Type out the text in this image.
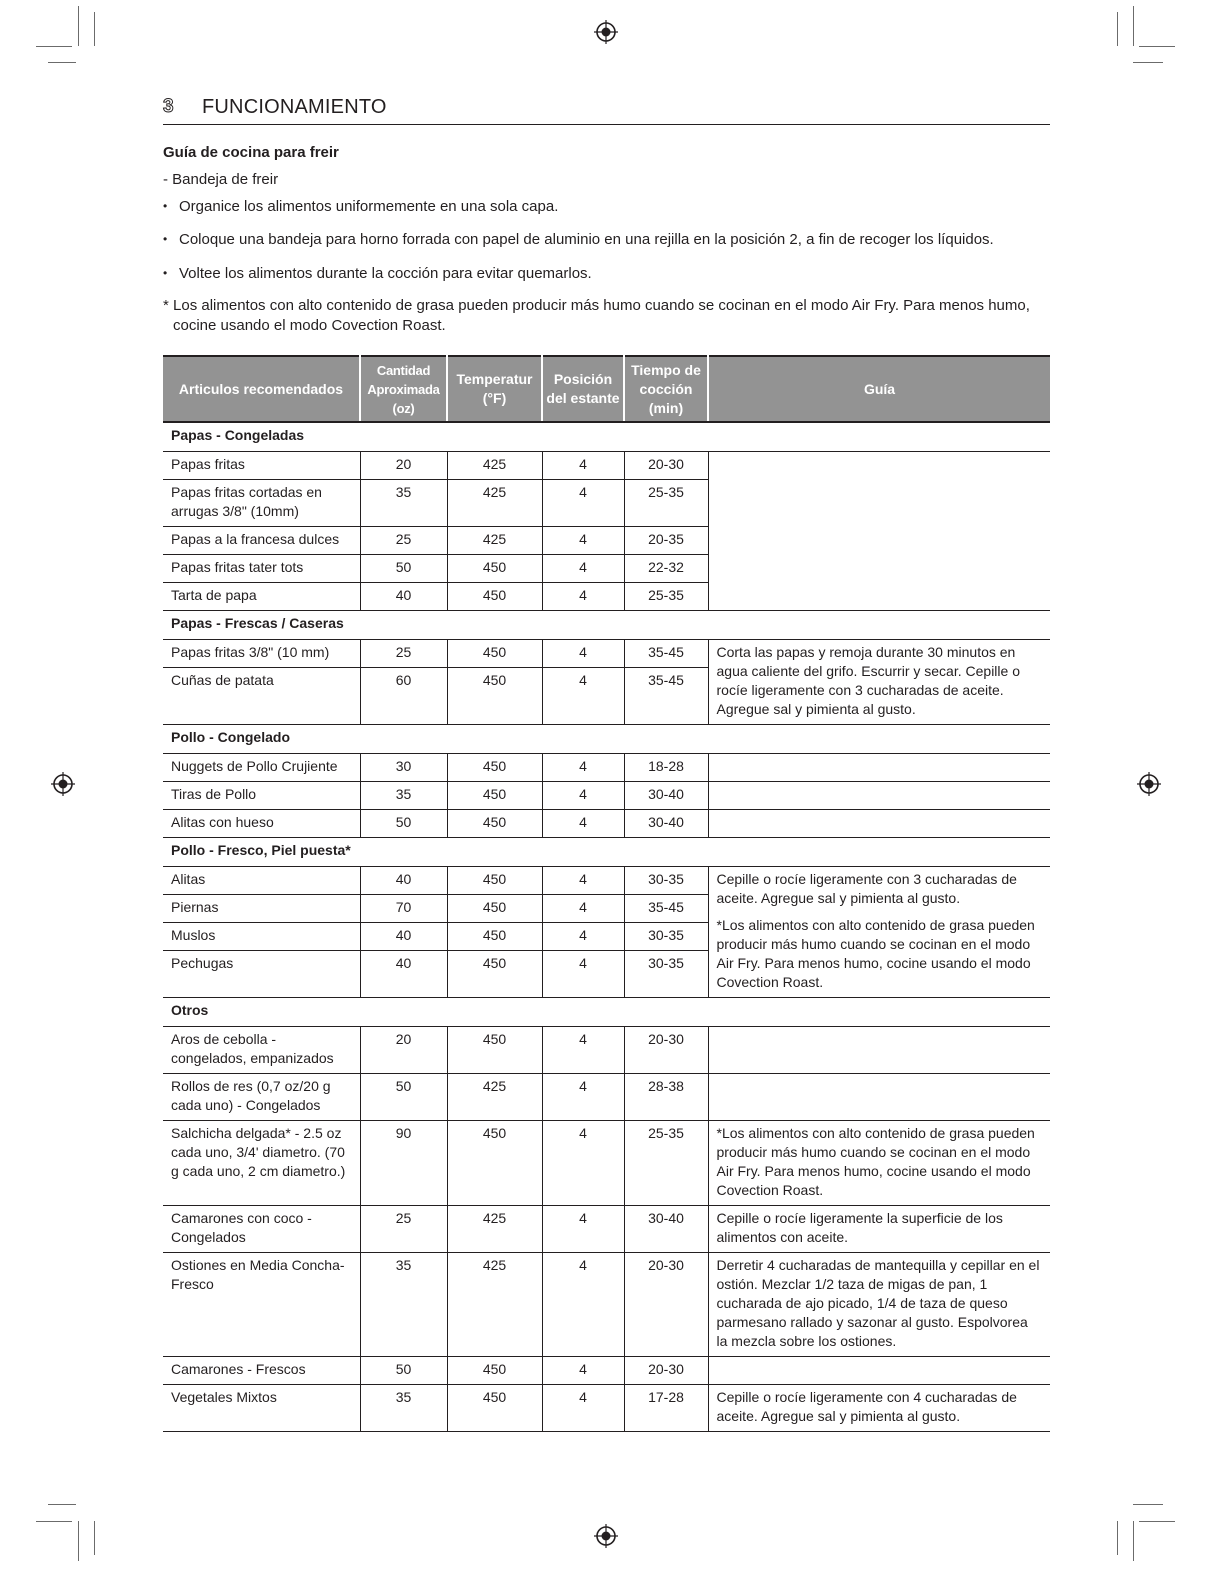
3 FUNCIONAMIENTO
Guía de cocina para freir
- Bandeja de freir
• Organice los alimentos uniformemente en una sola capa.
• Coloque una bandeja para horno forrada con papel de aluminio en una rejilla en la posición 2, a fin de recoger los líquidos.
• Voltee los alimentos durante la cocción para evitar quemarlos.

* Los alimentos con alto contenido de grasa pueden producir más humo cuando se cocinan en el modo Air Fry. Para menos humo, cocine usando el modo Covection Roast.

Articulos recomendados	Cantidad Aproximada (oz)	Temperatur (°F)	Posición del estante	Tiempo de cocción (min)	Guía
Papas - Congeladas					
Papas fritas	20	425	4	20-30	
Papas fritas cortadas en arrugas 3/8" (10mm)	35	425	4	25-35	
Papas a la francesa dulces	25	425	4	20-35	
Papas fritas tater tots	50	450	4	22-32	
Tarta de papa	40	450	4	25-35	
Papas - Frescas / Caseras					
Papas fritas 3/8" (10 mm)	25	450	4	35-45	Corta las papas y remoja durante 30 minutos en agua caliente del grifo. Escurrir y secar. Cepille o rocíe ligeramente con 3 cucharadas de aceite. Agregue sal y pimienta al gusto.
Cuñas de patata	60	450	4	35-45	
Pollo - Congelado					
Nuggets de Pollo Crujiente	30	450	4	18-28	
Tiras de Pollo	35	450	4	30-40	
Alitas con hueso	50	450	4	30-40	
Pollo - Fresco, Piel puesta*					
Alitas	40	450	4	30-35	Cepille o rocíe ligeramente con 3 cucharadas de aceite. Agregue sal y pimienta al gusto.
*Los alimentos con alto contenido de grasa pueden producir más humo cuando se cocinan en el modo Air Fry. Para menos humo, cocine usando el modo Covection Roast.

Piernas	70	450	4	35-45	
Muslos	40	450	4	30-35	
Pechugas	40	450	4	30-35	
Otros					
Aros de cebolla - congelados, empanizados	20	450	4	20-30	
Rollos de res (0,7 oz/20 g cada uno) - Congelados	50	425	4	28-38	
Salchicha delgada* - 2.5 oz cada uno, 3/4' diametro. (70 g cada uno, 2 cm diametro.)	90	450	4	25-35	*Los alimentos con alto contenido de grasa pueden producir más humo cuando se cocinan en el modo Air Fry. Para menos humo, cocine usando el modo Covection Roast.
Camarones con coco - Congelados	25	425	4	30-40	Cepille o rocíe ligeramente la superficie de los alimentos con aceite.
Ostiones en Media Concha-Fresco	35	425	4	20-30	Derretir 4 cucharadas de mantequilla y cepillar en el ostión. Mezclar 1/2 taza de migas de pan, 1 cucharada de ajo picado, 1/4 de taza de queso parmesano rallado y sazonar al gusto. Espolvorea la mezcla sobre los ostiones.
Camarones - Frescos	50	450	4	20-30	
Vegetales Mixtos	35	450	4	17-28	Cepille o rocíe ligeramente con 4 cucharadas de aceite. Agregue sal y pimienta al gusto.
